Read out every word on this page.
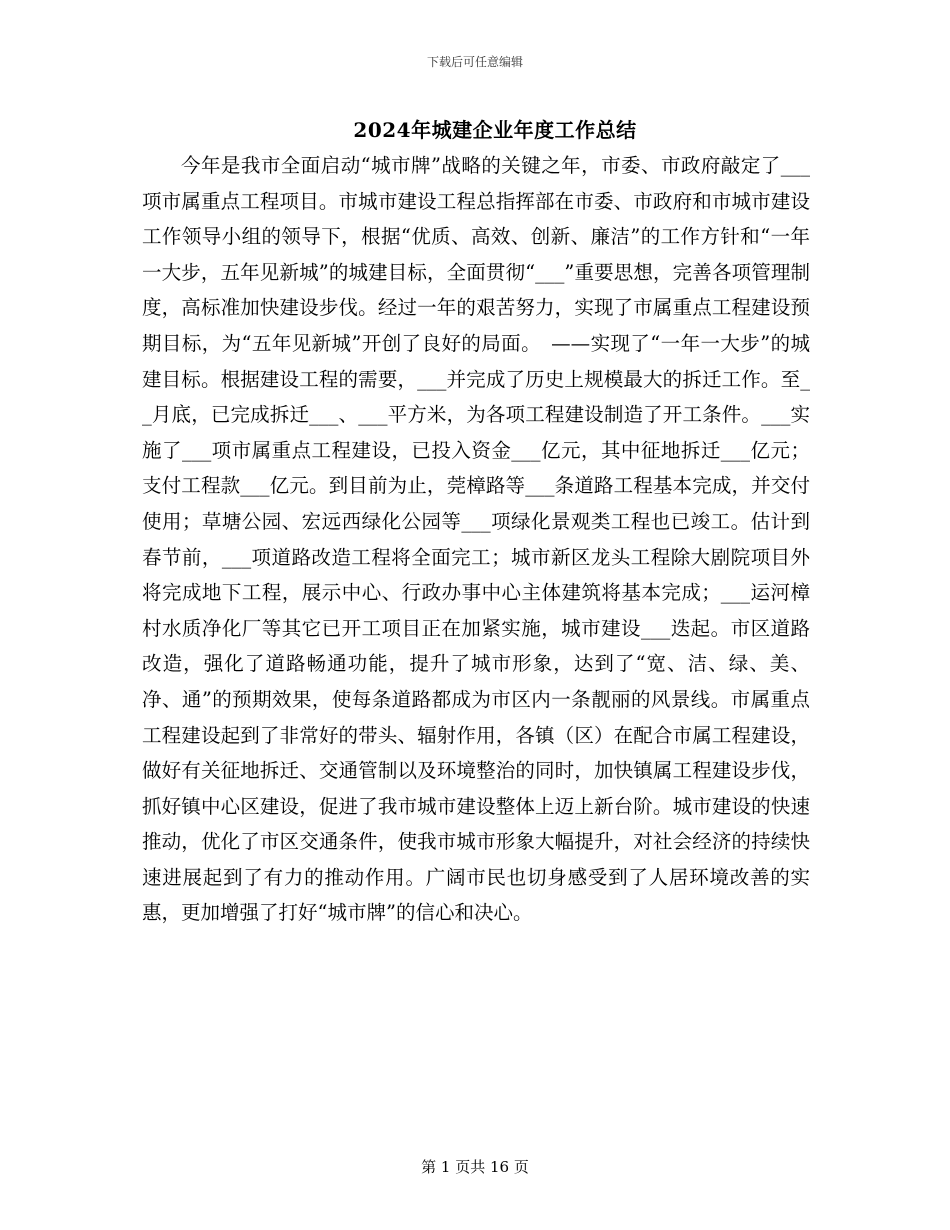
下载后可任意编辑
2024年城建企业年度工作总结

今年是我市全面启动“城市牌”战略的关键之年，市委、市政府敲定了___项市属重点工程项目。市城市建设工程总指挥部在市委、市政府和市城市建设工作领导小组的领导下，根据“优质、高效、创新、廉洁”的工作方针和“一年一大步，五年见新城”的城建目标，全面贯彻“___”重要思想，完善各项管理制度，高标准加快建设步伐。经过一年的艰苦努力，实现了市属重点工程建设预期目标，为“五年见新城”开创了良好的局面。　——实现了“一年一大步”的城建目标。根据建设工程的需要，___并完成了历史上规模最大的拆迁工作。至__月底，已完成拆迁___、___平方米，为各项工程建设制造了开工条件。___实施了___项市属重点工程建设，已投入资金___亿元，其中征地拆迁___亿元；支付工程款___亿元。到目前为止，莞樟路等___条道路工程基本完成，并交付使用；草塘公园、宏远西绿化公园等___项绿化景观类工程也已竣工。估计到春节前，___项道路改造工程将全面完工；城市新区龙头工程除大剧院项目外将完成地下工程，展示中心、行政办事中心主体建筑将基本完成；___运河樟村水质净化厂等其它已开工项目正在加紧实施，城市建设___迭起。市区道路改造，强化了道路畅通功能，提升了城市形象，达到了“宽、洁、绿、美、净、通”的预期效果，使每条道路都成为市区内一条靓丽的风景线。市属重点工程建设起到了非常好的带头、辐射作用，各镇（区）在配合市属工程建设，做好有关征地拆迁、交通管制以及环境整治的同时，加快镇属工程建设步伐，抓好镇中心区建设，促进了我市城市建设整体上迈上新台阶。城市建设的快速推动，优化了市区交通条件，使我市城市形象大幅提升，对社会经济的持续快速进展起到了有力的推动作用。广阔市民也切身感受到了人居环境改善的实惠，更加增强了打好“城市牌”的信心和决心。

第 1 页共 16 页
